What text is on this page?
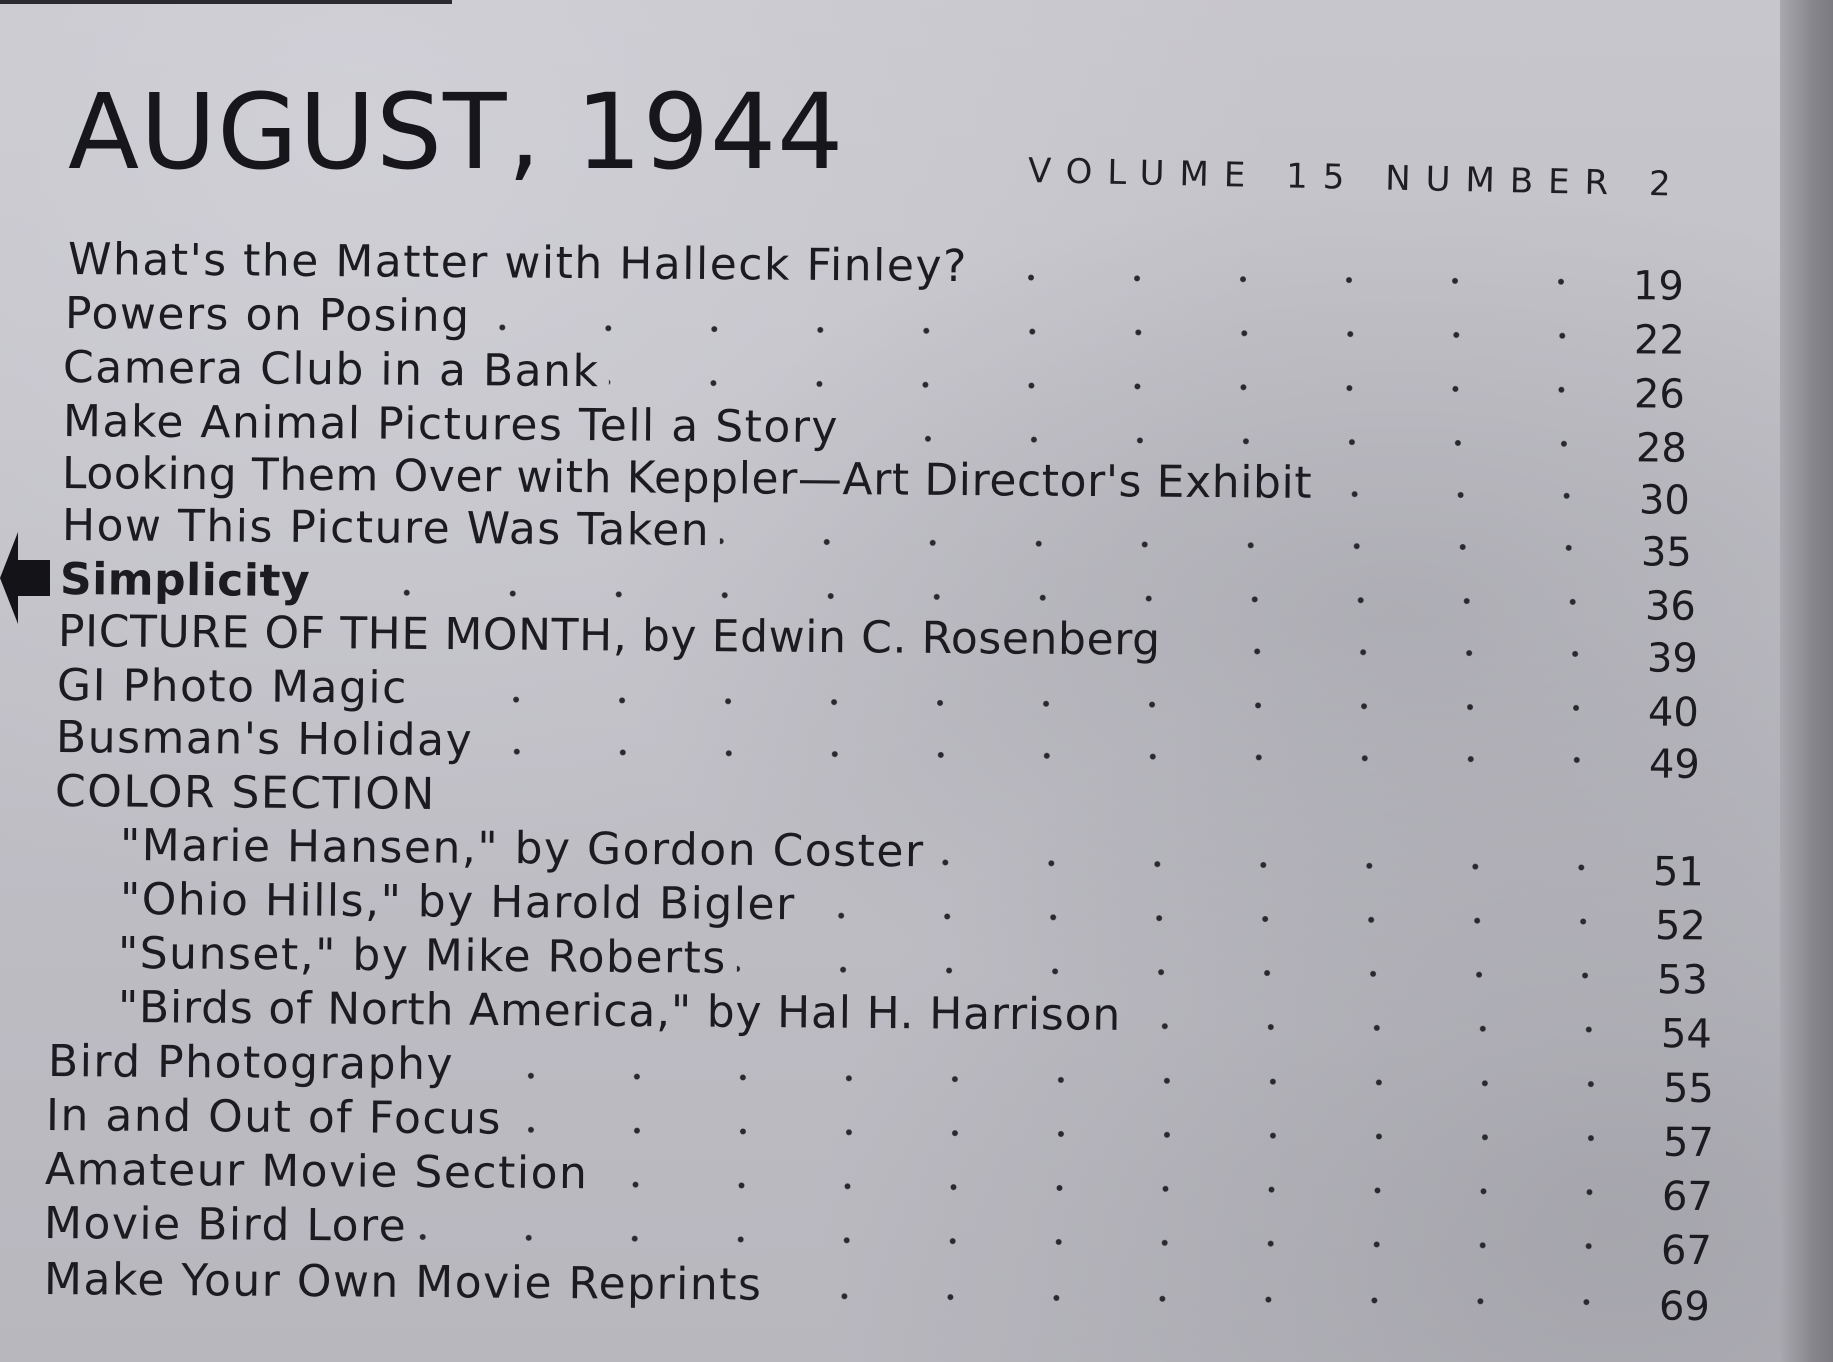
AUGUST, 1944	VOLUME 15 NUMBER 2
What's the Matter with Halleck Finley?	19
Powers on Posing	22
Camera Club in a Bank	26
Make Animal Pictures Tell a Story	28
Looking Them Over with Keppler—Art Director's Exhibit	30
How This Picture Was Taken	35
Simplicity	36
PICTURE OF THE MONTH, by Edwin C. Rosenberg	39
GI Photo Magic	40
Busman's Holiday	49
COLOR SECTION
"Marie Hansen," by Gordon Coster	51
"Ohio Hills," by Harold Bigler	52
"Sunset," by Mike Roberts	53
"Birds of North America," by Hal H. Harrison	54
Bird Photography	55
In and Out of Focus	57
Amateur Movie Section	67
Movie Bird Lore	67
Make Your Own Movie Reprints	69
